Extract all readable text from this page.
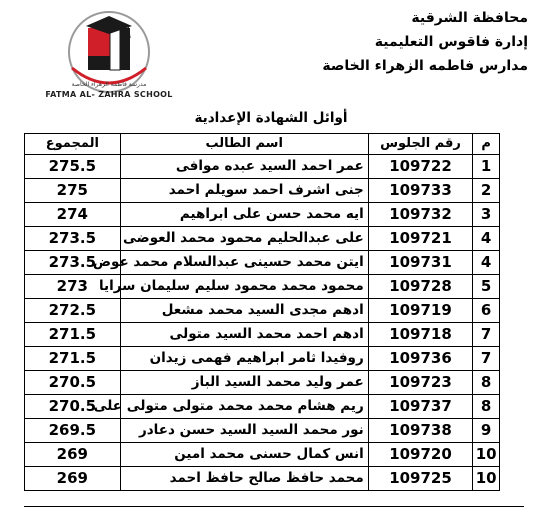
مدرسة فاطمة الزهراء الخاصة
FATMA AL- ZAHRA SCHOOL
محافظة الشرقية
إدارة فاقوس التعليمية
مدارس فاطمه الزهراء الخاصة
أوائل الشهادة الإعدادية
المجموع	اسم الطالب	رقم الجلوس	م
275.5	عمر احمد السيد عبده موافى	109722	1
275	جنى اشرف احمد سويلم احمد	109733	2
274	ايه محمد حسن على ابراهيم	109732	3
273.5	على عبدالحليم محمود محمد العوضى	109721	4
273.5	ايتن محمد حسينى عبدالسلام محمد عوض	109731	4
273	محمود محمد محمود سليم سليمان سرايا	109728	5
272.5	ادهم مجدى السيد محمد مشعل	109719	6
271.5	ادهم احمد محمد السيد متولى	109718	7
271.5	روفيدا ثامر ابراهيم فهمى زيدان	109736	7
270.5	عمر وليد محمد السيد الباز	109723	8
270.5	ريم هشام محمد محمد متولى متولى على	109737	8
269.5	نور محمد السيد السيد حسن دعادر	109738	9
269	انس كمال حسنى محمد امين	109720	10
269	محمد حافظ صالح حافظ احمد	109725	10
